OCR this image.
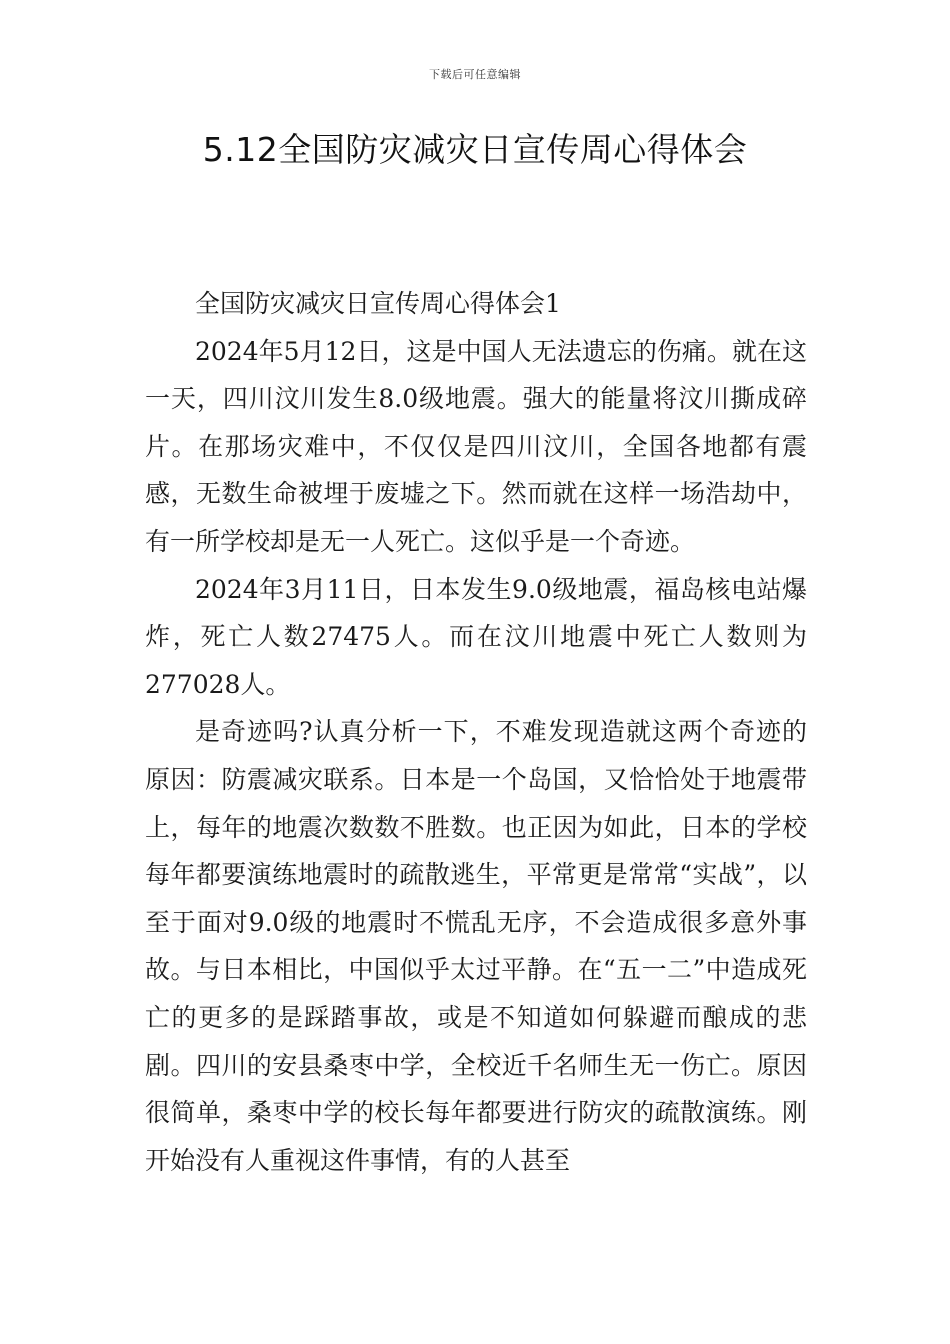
下载后可任意编辑
5.12全国防灾减灾日宣传周心得体会

全国防灾减灾日宣传周心得体会1

2024年5月12日，这是中国人无法遗忘的伤痛。就在这一天，四川汶川发生8.0级地震。强大的能量将汶川撕成碎片。在那场灾难中，不仅仅是四川汶川，全国各地都有震感，无数生命被埋于废墟之下。然而就在这样一场浩劫中，有一所学校却是无一人死亡。这似乎是一个奇迹。

2024年3月11日，日本发生9.0级地震，福岛核电站爆炸，死亡人数27475人。而在汶川地震中死亡人数则为277028人。

是奇迹吗?认真分析一下，不难发现造就这两个奇迹的原因：防震减灾联系。日本是一个岛国，又恰恰处于地震带上，每年的地震次数数不胜数。也正因为如此，日本的学校每年都要演练地震时的疏散逃生，平常更是常常“实战”，以至于面对9.0级的地震时不慌乱无序，不会造成很多意外事故。与日本相比，中国似乎太过平静。在“五一二”中造成死亡的更多的是踩踏事故，或是不知道如何躲避而酿成的悲剧。四川的安县桑枣中学，全校近千名师生无一伤亡。原因很简单，桑枣中学的校长每年都要进行防灾的疏散演练。刚开始没有人重视这件事情，有的人甚至
